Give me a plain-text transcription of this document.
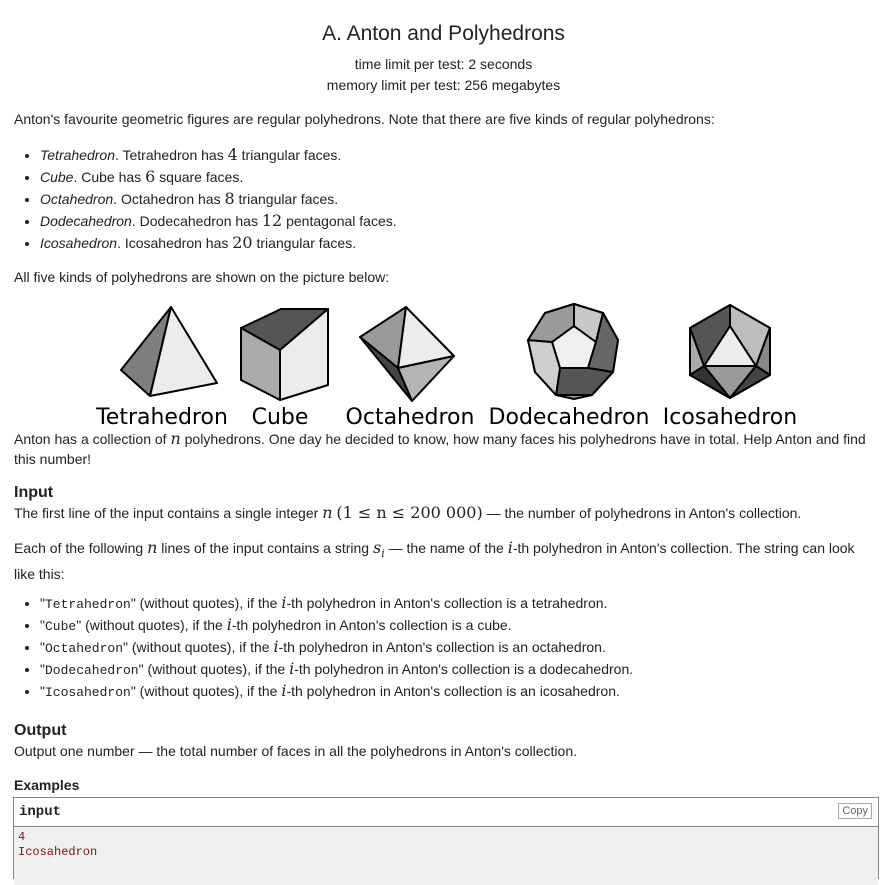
A. Anton and Polyhedrons
time limit per test: 2 seconds
memory limit per test: 256 megabytes
Anton's favourite geometric figures are regular polyhedrons. Note that there are five kinds of regular polyhedrons:
• Tetrahedron. Tetrahedron has 4 triangular faces.
• Cube. Cube has 6 square faces.
• Octahedron. Octahedron has 8 triangular faces.
• Dodecahedron. Dodecahedron has 12 pentagonal faces.
• Icosahedron. Icosahedron has 20 triangular faces.
All five kinds of polyhedrons are shown on the picture below:
Tetrahedron Cube Octahedron Dodecahedron Icosahedron
Anton has a collection of n polyhedrons. One day he decided to know, how many faces his polyhedrons have in total. Help Anton and find this number!
Input
The first line of the input contains a single integer n (1 ≤ n ≤ 200 000) — the number of polyhedrons in Anton's collection.
Each of the following n lines of the input contains a string $s_i$ — the name of the i-th polyhedron in Anton's collection. The string can look like this:
• "Tetrahedron" (without quotes), if the i-th polyhedron in Anton's collection is a tetrahedron.
• "Cube" (without quotes), if the i-th polyhedron in Anton's collection is a cube.
• "Octahedron" (without quotes), if the i-th polyhedron in Anton's collection is an octahedron.
• "Dodecahedron" (without quotes), if the i-th polyhedron in Anton's collection is a dodecahedron.
• "Icosahedron" (without quotes), if the i-th polyhedron in Anton's collection is an icosahedron.
Output
Output one number — the total number of faces in all the polyhedrons in Anton's collection.
Examples
input	Copy
4
Icosahedron
